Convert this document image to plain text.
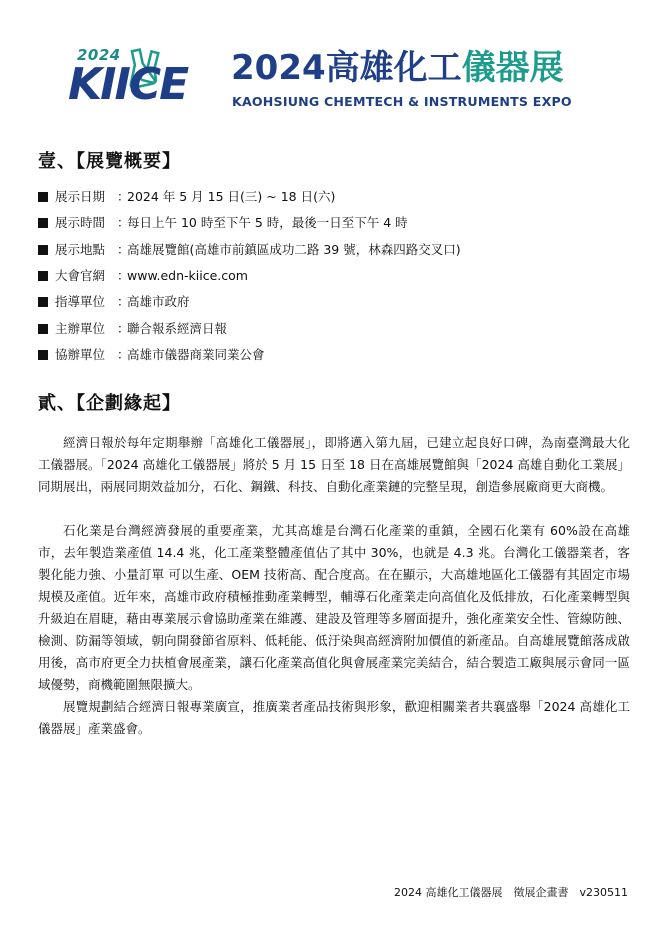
2024
KIICE 2024高雄化工儀器展
KAOHSIUNG CHEMTECH & INSTRUMENTS EXPO
壹、【展覽概要】
展示日期 ：
2024 年 5 月 15 日(三) ~ 18 日(六)
展示時間 ：
每日上午 10 時至下午 5 時，最後一日至下午 4 時
展示地點 ：
高雄展覽館(高雄市前鎮區成功二路 39 號，林森四路交叉口)
大會官網 ：
www.edn-kiice.com
指導單位 ：
高雄市政府
主辦單位 ：
聯合報系經濟日報
協辦單位 ：
高雄市儀器商業同業公會
貳、【企劃緣起】

經濟日報於每年定期舉辦「高雄化工儀器展」，即將邁入第九屆，已建立起良好口碑，為南臺灣最大化工儀器展。「2024 高雄化工儀器展」將於 5 月 15 日至 18 日在高雄展覽館與「2024 高雄自動化工業展」同期展出，兩展同期效益加分，石化、鋼鐵、科技、自動化產業鏈的完整呈現，創造參展廠商更大商機。

石化業是台灣經濟發展的重要產業，尤其高雄是台灣石化產業的重鎮，全國石化業有 60%設在高雄市，去年製造業產值 14.4 兆，化工產業整體產值佔了其中 30%，也就是 4.3 兆。台灣化工儀器業者，客製化能力強、小量訂單 可以生產、OEM 技術高、配合度高。在在顯示，大高雄地區化工儀器有其固定市場規模及產值。近年來，高雄市政府積極推動產業轉型，輔導石化產業走向高值化及低排放，石化產業轉型與升級迫在眉睫，藉由專業展示會協助產業在維護、建設及管理等多層面提升，強化產業安全性、管線防蝕、檢測、防漏等領域，朝向開發節省原料、低耗能、低汙染與高經濟附加價值的新產品。自高雄展覽館落成啟用後，高市府更全力扶植會展產業，讓石化產業高值化與會展產業完美結合，結合製造工廠與展示會同一區域優勢，商機範圍無限擴大。

展覽規劃結合經濟日報專業廣宣，推廣業者產品技術與形象，歡迎相關業者共襄盛舉「2024 高雄化工儀器展」產業盛會。

2024 高雄化工儀器展　徵展企畫書　v230511
